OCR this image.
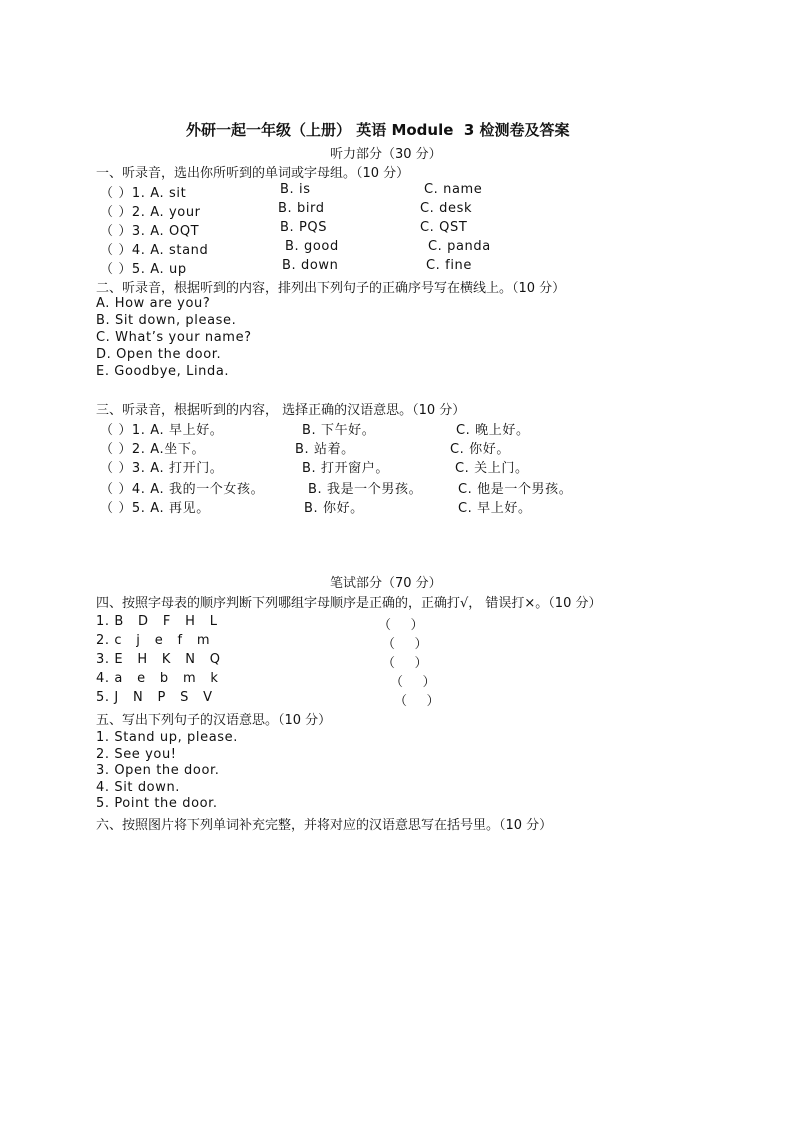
外研一起一年级（上册） 英语 Module  3 检测卷及答案
听力部分（30 分）
一、听录音，选出你所听到的单词或字母组。（10 分）
（ ）1. A. sit	B. is	C. name
（ ）2. A. your	B. bird	C. desk
（ ）3. A. OQT	B. PQS	C. QST
（ ）4. A. stand	B. good	C. panda
（ ）5. A. up	B. down	C. fine
二、听录音，根据听到的内容，排列出下列句子的正确序号写在横线上。（10 分）
A. How are you?
B. Sit down, please.
C. What’s your name?
D. Open the door.
E. Goodbye, Linda.
三、听录音，根据听到的内容， 选择正确的汉语意思。（10 分）
（ ）1. A. 早上好。	B. 下午好。	C. 晚上好。
（ ）2. A.坐下。	B. 站着。	C. 你好。
（ ）3. A. 打开门。	B. 打开窗户。	C. 关上门。
（ ）4. A. 我的一个女孩。	B. 我是一个男孩。	C. 他是一个男孩。
（ ）5. A. 再见。	B. 你好。	C. 早上好。
笔试部分（70 分）
四、按照字母表的顺序判断下列哪组字母顺序是正确的，正确打√， 错误打×。（10 分）
1. B   D   F   H   L	（    ）
2. c   j   e   f   m	（    ）
3. E   H   K   N   Q	（    ）
4. a   e   b   m   k	（    ）
5. J   N   P   S   V	（    ）
五、写出下列句子的汉语意思。（10 分）
1. Stand up, please.
2. See you!
3. Open the door.
4. Sit down.
5. Point the door.
六、按照图片将下列单词补充完整，并将对应的汉语意思写在括号里。（10 分）
